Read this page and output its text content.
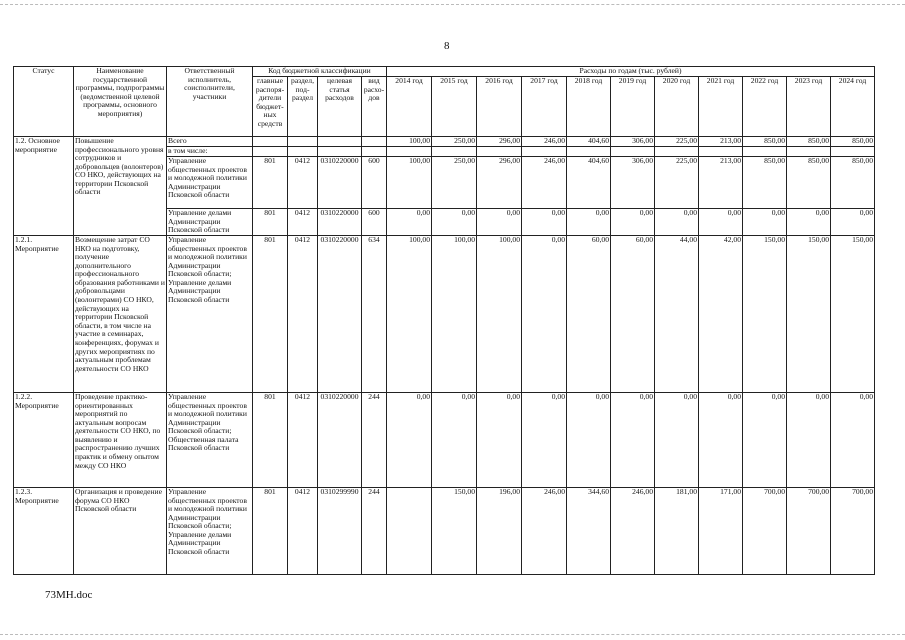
8
Статус	Наименование государственной программы, подпрограммы (ведомственной целевой программы, основного мероприятия)	Ответственный исполнитель, соисполнители, участники	Код бюджетной классификации				Расходы по годам (тыс. рублей)										
			главные распоря-дители бюджет-ных средств	раздел, под-раздел	целевая статья расходов	вид расхо-дов	2014 год	2015 год	2016 год	2017 год	2018 год	2019 год	2020 год	2021 год	2022 год	2023 год	2024 год
1.2. Основное мероприятие	Повышение профессионального уровня сотрудников и добровольцев (волонтеров) СО НКО, действующих на территории Псковской области	Всего					100,00	250,00	296,00	246,00	404,60	306,00	225,00	213,00	850,00	850,00	850,00
		в том числе:															
		Управление общественных проектов и молодежной политики Администрации Псковской области	801	0412	0310220000	600	100,00	250,00	296,00	246,00	404,60	306,00	225,00	213,00	850,00	850,00	850,00
		Управление делами Администрации Псковской области	801	0412	0310220000	600	0,00	0,00	0,00	0,00	0,00	0,00	0,00	0,00	0,00	0,00	0,00
1.2.1. Мероприятие	Возмещение затрат СО НКО на подготовку, получение дополнительного профессионального образования работниками и добровольцами (волонтерами) СО НКО, действующих на территории Псковской области, в том числе на участие в семинарах, конференциях, форумах и других мероприятиях по актуальным проблемам деятельности СО НКО	Управление общественных проектов и молодежной политики Администрации Псковской области; Управление делами Администрации Псковской области	801	0412	0310220000	634	100,00	100,00	100,00	0,00	60,00	60,00	44,00	42,00	150,00	150,00	150,00
1.2.2. Мероприятие	Проведение практико-ориентированных мероприятий по актуальным вопросам деятельности СО НКО, по выявлению и распространению лучших практик и обмену опытом между СО НКО	Управление общественных проектов и молодежной политики Администрации Псковской области; Общественная палата Псковской области	801	0412	0310220000	244	0,00	0,00	0,00	0,00	0,00	0,00	0,00	0,00	0,00	0,00	0,00
1.2.3. Мероприятие	Организация и проведение форума СО НКО Псковской области	Управление общественных проектов и молодежной политики Администрации Псковской области; Управление делами Администрации Псковской области	801	0412	0310299990	244		150,00	196,00	246,00	344,60	246,00	181,00	171,00	700,00	700,00	700,00
73MH.doc
